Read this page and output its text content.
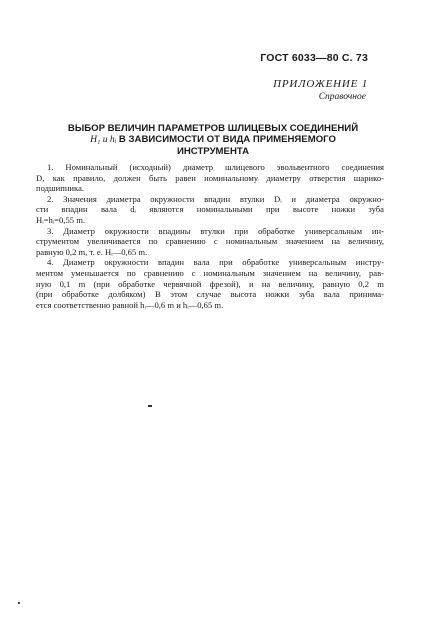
ГОСТ 6033—80 С. 73
ПРИЛОЖЕНИЕ 1
Справочное
ВЫБОР ВЕЛИЧИН ПАРАМЕТРОВ ШЛИЦЕВЫХ СОЕДИНЕНИЙ
H₁ и hᵢ В ЗАВИСИМОСТИ ОТ ВИДА ПРИМЕНЯЕМОГО
ИНСТРУМЕНТА
1. Номинальный (исходный) диаметр шлицевого эвольвентного соединения
D, как правило, должен быть равен номинальному диаметру отверстия шарико-
подшипника.
2. Значения диаметра окружности впадин втулки Dᵢ и диаметра окружно-
сти впадин вала dᵢ являются номинальными при высоте ножки зуба
Hᵢ=hᵢ=0,55 m.
3. Диаметр окружности впадины втулки при обработке универсальным ин-
струментом увеличивается по сравнению с номинальным значением на величину,
равную 0,2 m, т. е. Hᵢ—0,65 m.
4. Диаметр окружности впадин вала при обработке универсальным инстру-
ментом уменьшается по сравнению с номинальным значением на величину, рав-
ную 0,1 m (при обработке червячной фрезой), и на величину, равную 0,2 m
(при обработке долбяком) В этом случае высота ножки зуба вала принима-
ется соответственно равной hᵢ—0,6 m и hᵢ—0,65 m.
